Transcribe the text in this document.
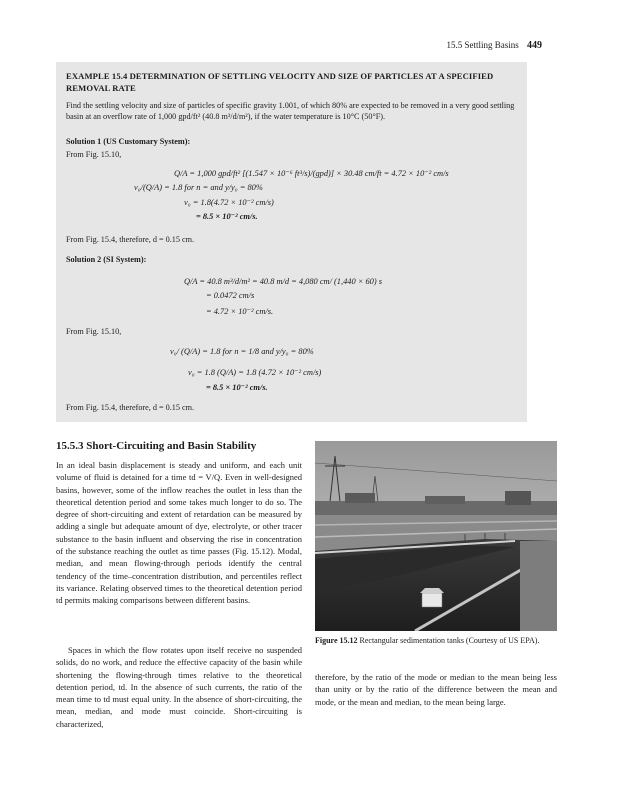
15.5 Settling Basins 449
EXAMPLE 15.4 DETERMINATION OF SETTLING VELOCITY AND SIZE OF PARTICLES AT A SPECIFIED REMOVAL RATE
Find the settling velocity and size of particles of specific gravity 1.001, of which 80% are expected to be removed in a very good settling basin at an overflow rate of 1,000 gpd/ft² (40.8 m³/d/m²), if the water temperature is 10°C (50°F).
Solution 1 (US Customary System):
From Fig. 15.10,
Q/A = 1,000 gpd/ft² [(1.547 × 10⁻⁶ ft³/s)/(gpd)] × 30.48 cm/ft = 4.72 × 10⁻² cm/s
v₀/(Q/A) = 1.8 for n = and y/y₀ = 80%
v₀ = 1.8(4.72 × 10⁻² cm/s)
= 8.5 × 10⁻² cm/s.
From Fig. 15.4, therefore, d = 0.15 cm.
Solution 2 (SI System):
Q/A = 40.8 m³/d/m² = 40.8 m/d = 4,080 cm/ (1,440 × 60) s
= 0.0472 cm/s
= 4.72 × 10⁻² cm/s.
From Fig. 15.10,
v₀/ (Q/A) = 1.8 for n = 1/8 and y/y₀ = 80%
v₀ = 1.8 (Q/A) = 1.8 (4.72 × 10⁻² cm/s)
= 8.5 × 10⁻² cm/s.
From Fig. 15.4, therefore, d = 0.15 cm.
15.5.3 Short-Circuiting and Basin Stability
In an ideal basin displacement is steady and uniform, and each unit volume of fluid is detained for a time td = V/Q. Even in well-designed basins, however, some of the inflow reaches the outlet in less than the theoretical detention period and some takes much longer to do so. The degree of short-circuiting and extent of retardation can be measured by adding a single but adequate amount of dye, electrolyte, or other tracer substance to the basin influent and observing the rise in concentration of the substance reaching the outlet as time passes (Fig. 15.12). Modal, median, and mean flowing-through periods identify the central tendency of the time–concentration distribution, and percentiles reflect its variance. Relating observed times to the theoretical detention period td permits making comparisons between different basins.
Spaces in which the flow rotates upon itself receive no suspended solids, do no work, and reduce the effective capacity of the basin while shortening the flowing-through times relative to the theoretical detention period, td. In the absence of such currents, the ratio of the mean time to td must equal unity. In the absence of short-circuiting, the mean, median, and mode must coincide. Short-circuiting is characterized,
therefore, by the ratio of the mode or median to the mean being less than unity or by the ratio of the difference between the mean and mode, or the mean and median, to the mean being large.
Figure 15.12 Rectangular sedimentation tanks (Courtesy of US EPA).
